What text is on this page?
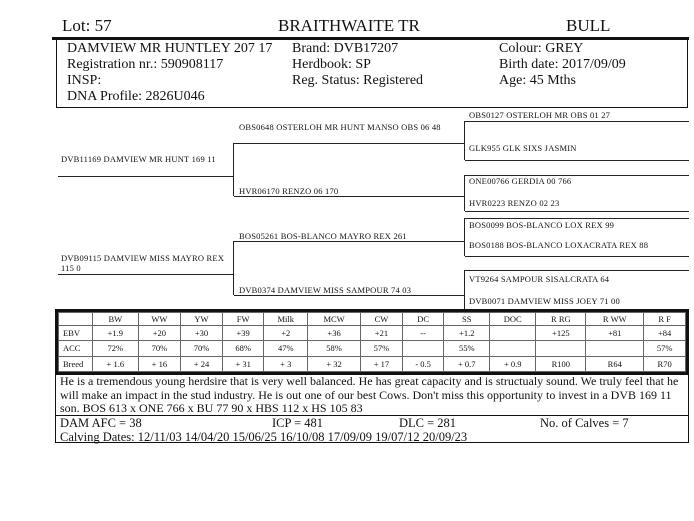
Lot: 57	BRAITHWAITE TR	BULL
DAMVIEW MR HUNTLEY 207 17
Registration nr.: 590908117
INSP:
DNA Profile: 2826U046
Brand: DVB17207
Herdbook: SP
Reg. Status: Registered
Colour: GREY
Birth date: 2017/09/09
Age: 45 Mths
DVB11169 DAMVIEW MR HUNT 169 11
DVB09115 DAMVIEW MISS MAYRO REX 115 0
OBS0648 OSTERLOH MR HUNT MANSO OBS 06 48
HVR06170 RENZO 06 170
BOS05261 BOS-BLANCO MAYRO REX 261
DVB0374 DAMVIEW MISS SAMPOUR 74 03
OBS0127 OSTERLOH MR OBS 01 27
GLK955 GLK SIXS JASMIN
ONE00766 GERDIA 00 766
HVR0223 RENZO 02 23
BOS0099 BOS-BLANCO LOX REX 99
BOS0188 BOS-BLANCO LOXACRATA REX 88
VT9264 SAMPOUR SISALCRATA 64
DVB0071 DAMVIEW MISS JOEY 71 00
	BW	WW	YW	FW	Milk	MCW	CW	DC	SS	DOC	R RG	R WW	R F
EBV	+1.9	+20	+30	+39	+2	+36	+21	--	+1.2		+125	+81	+84
ACC	72%	70%	70%	68%	47%	58%	57%		55%				57%
Breed	+ 1.6	+ 16	+ 24	+ 31	+ 3	+ 32	+ 17	- 0.5	+ 0.7	+ 0.9	R100	R64	R70
He is a tremendous young herdsire that is very well balanced. He has great capacity and is structualy sound. We truly feel that he will make an impact in the stud industry. He is out one of our best Cows. Don't miss this opportunity to invest in a DVB 169 11 son. BOS 613 x ONE 766 x BU 77 90 x HBS 112 x HS 105 83
DAM AFC = 38	ICP = 481	DLC = 281	No. of Calves = 7
Calving Dates: 12/11/03 14/04/20 15/06/25 16/10/08 17/09/09 19/07/12 20/09/23
